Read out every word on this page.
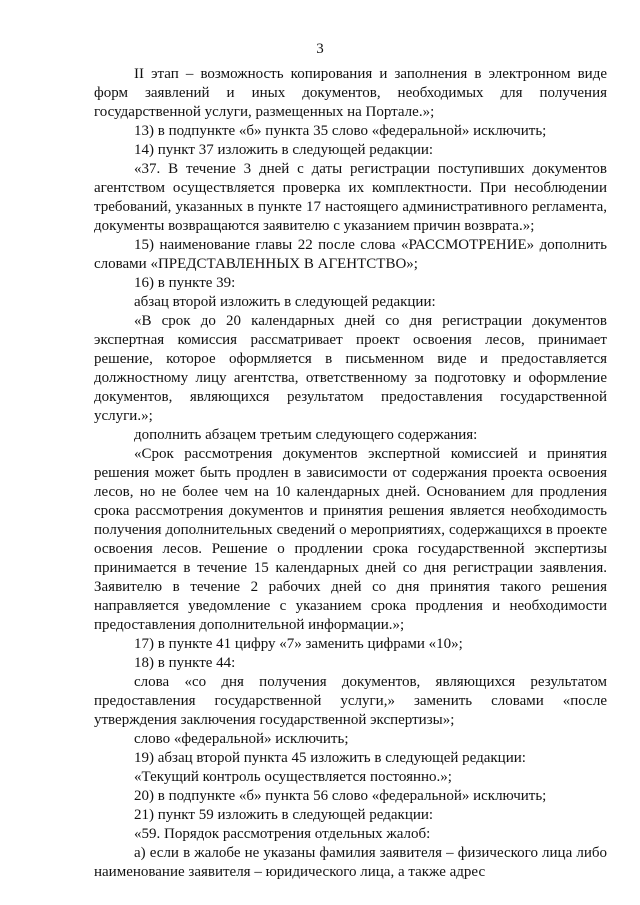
3

II этап – возможность копирования и заполнения в электронном виде форм заявлений и иных документов, необходимых для получения государственной услуги, размещенных на Портале.»;

13) в подпункте «б» пункта 35 слово «федеральной» исключить;

14) пункт 37 изложить в следующей редакции:

«37. В течение 3 дней с даты регистрации поступивших документов агентством осуществляется проверка их комплектности. При несоблюдении требований, указанных в пункте 17 настоящего административного регламента, документы возвращаются заявителю с указанием причин возврата.»;

15) наименование главы 22 после слова «РАССМОТРЕНИЕ» дополнить словами «ПРЕДСТАВЛЕННЫХ В АГЕНТСТВО»;

16) в пункте 39:

абзац второй изложить в следующей редакции:

«В срок до 20 календарных дней со дня регистрации документов экспертная комиссия рассматривает проект освоения лесов, принимает решение, которое оформляется в письменном виде и предоставляется должностному лицу агентства, ответственному за подготовку и оформление документов, являющихся результатом предоставления государственной услуги.»;

дополнить абзацем третьим следующего содержания:

«Срок рассмотрения документов экспертной комиссией и принятия решения может быть продлен в зависимости от содержания проекта освоения лесов, но не более чем на 10 календарных дней. Основанием для продления срока рассмотрения документов и принятия решения является необходимость получения дополнительных сведений о мероприятиях, содержащихся в проекте освоения лесов. Решение о продлении срока государственной экспертизы принимается в течение 15 календарных дней со дня регистрации заявления. Заявителю в течение 2 рабочих дней со дня принятия такого решения направляется уведомление с указанием срока продления и необходимости предоставления дополнительной информации.»;

17) в пункте 41 цифру «7» заменить цифрами «10»;

18) в пункте 44:

слова «со дня получения документов, являющихся результатом предоставления государственной услуги,» заменить словами «после утверждения заключения государственной экспертизы»;

слово «федеральной» исключить;

19) абзац второй пункта 45 изложить в следующей редакции:

«Текущий контроль осуществляется постоянно.»;

20) в подпункте «б» пункта 56 слово «федеральной» исключить;

21) пункт 59 изложить в следующей редакции:

«59. Порядок рассмотрения отдельных жалоб:

а) если в жалобе не указаны фамилия заявителя – физического лица либо наименование заявителя – юридического лица, а также адрес
